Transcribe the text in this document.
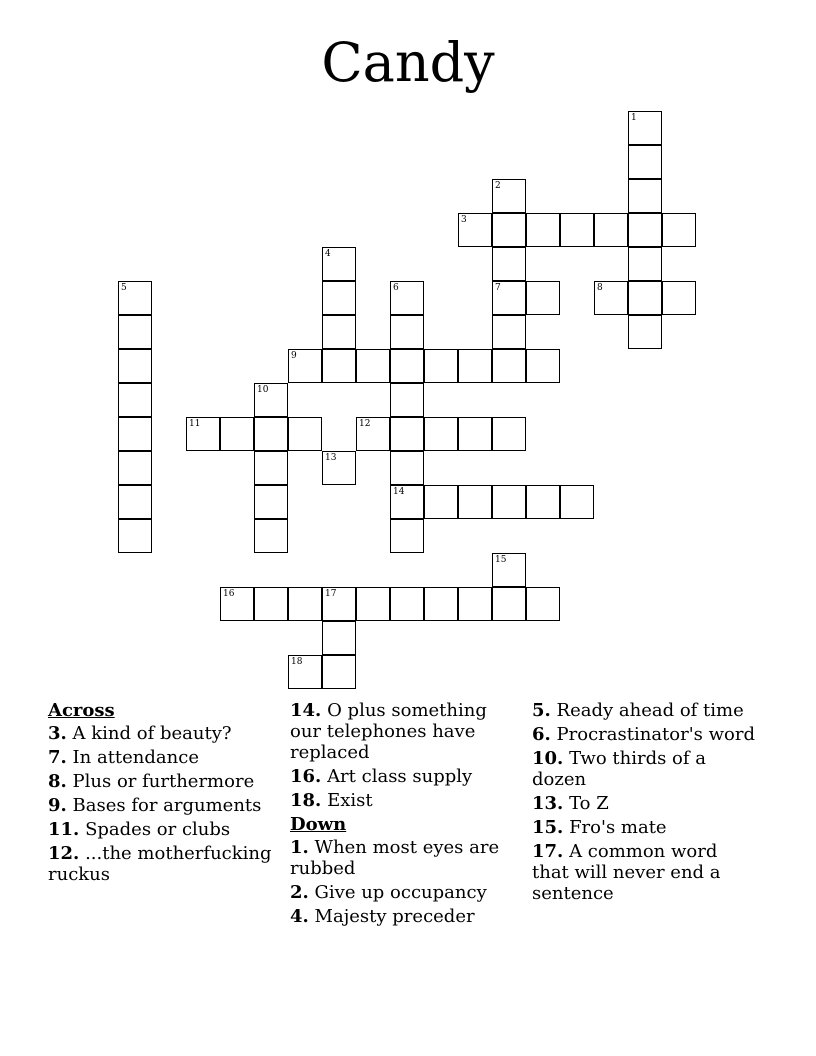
Candy
1
2
3
4
5	6	7	8
9
10
11	12
13
14
15
16	17
18
Across
3. A kind of beauty?
7. In attendance
8. Plus or furthermore
9. Bases for arguments
11. Spades or clubs
12. ...the motherfucking ruckus
14. O plus something our telephones have replaced
16. Art class supply
18. Exist
Down
1. When most eyes are rubbed
2. Give up occupancy
4. Majesty preceder
5. Ready ahead of time
6. Procrastinator's word
10. Two thirds of a dozen
13. To Z
15. Fro's mate
17. A common word that will never end a sentence
